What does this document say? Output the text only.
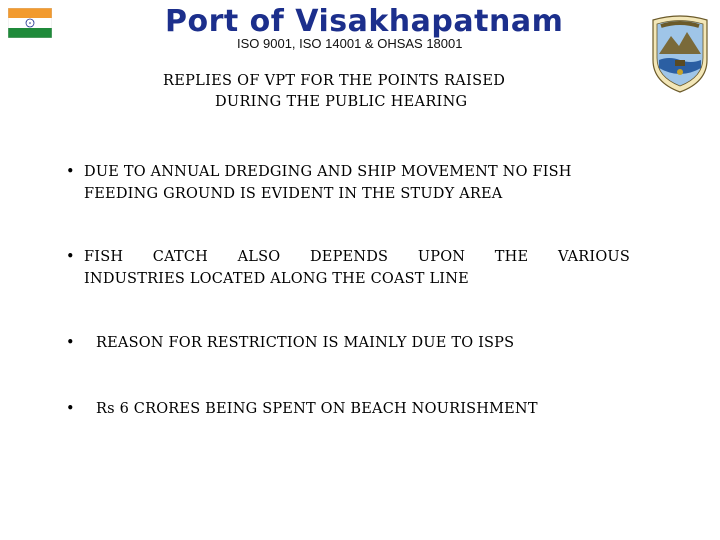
Port of Visakhapatnam
ISO 9001, ISO 14001 & OHSAS 18001
REPLIES OF VPT FOR THE POINTS RAISED
DURING THE PUBLIC HEARING
• DUE TO ANNUAL DREDGING AND SHIP MOVEMENT NO FISH
FEEDING GROUND IS EVIDENT IN THE STUDY AREA
• FISH CATCH ALSO DEPENDS UPON THE VARIOUS
INDUSTRIES LOCATED ALONG THE COAST LINE
• REASON FOR RESTRICTION IS MAINLY DUE TO ISPS
• Rs 6 CRORES BEING SPENT ON BEACH NOURISHMENT
